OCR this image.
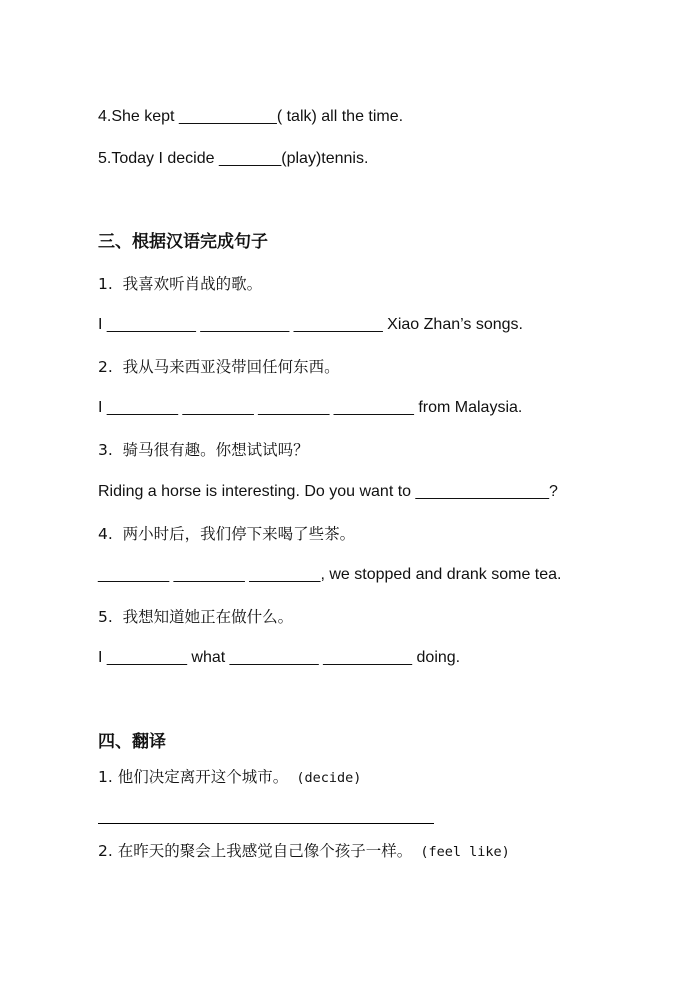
4.She kept ___________( talk) all the time.
5.Today I decide _______(play)tennis.
三、根据汉语完成句子
1.  我喜欢听肖战的歌。
I __________ __________ __________ Xiao Zhan’s songs.
2.  我从马来西亚没带回任何东西。
I ________ ________ ________ _________ from Malaysia.
3.  骑马很有趣。你想试试吗？
Riding a horse is interesting. Do you want to _______________?
4.  两小时后，我们停下来喝了些茶。
________ ________ ________, we stopped and drank some tea.
5.  我想知道她正在做什么。
I _________ what __________ __________ doing.
四、翻译
1. 他们决定离开这个城市。 (decide)
2. 在昨天的聚会上我感觉自己像个孩子一样。 (feel like)
